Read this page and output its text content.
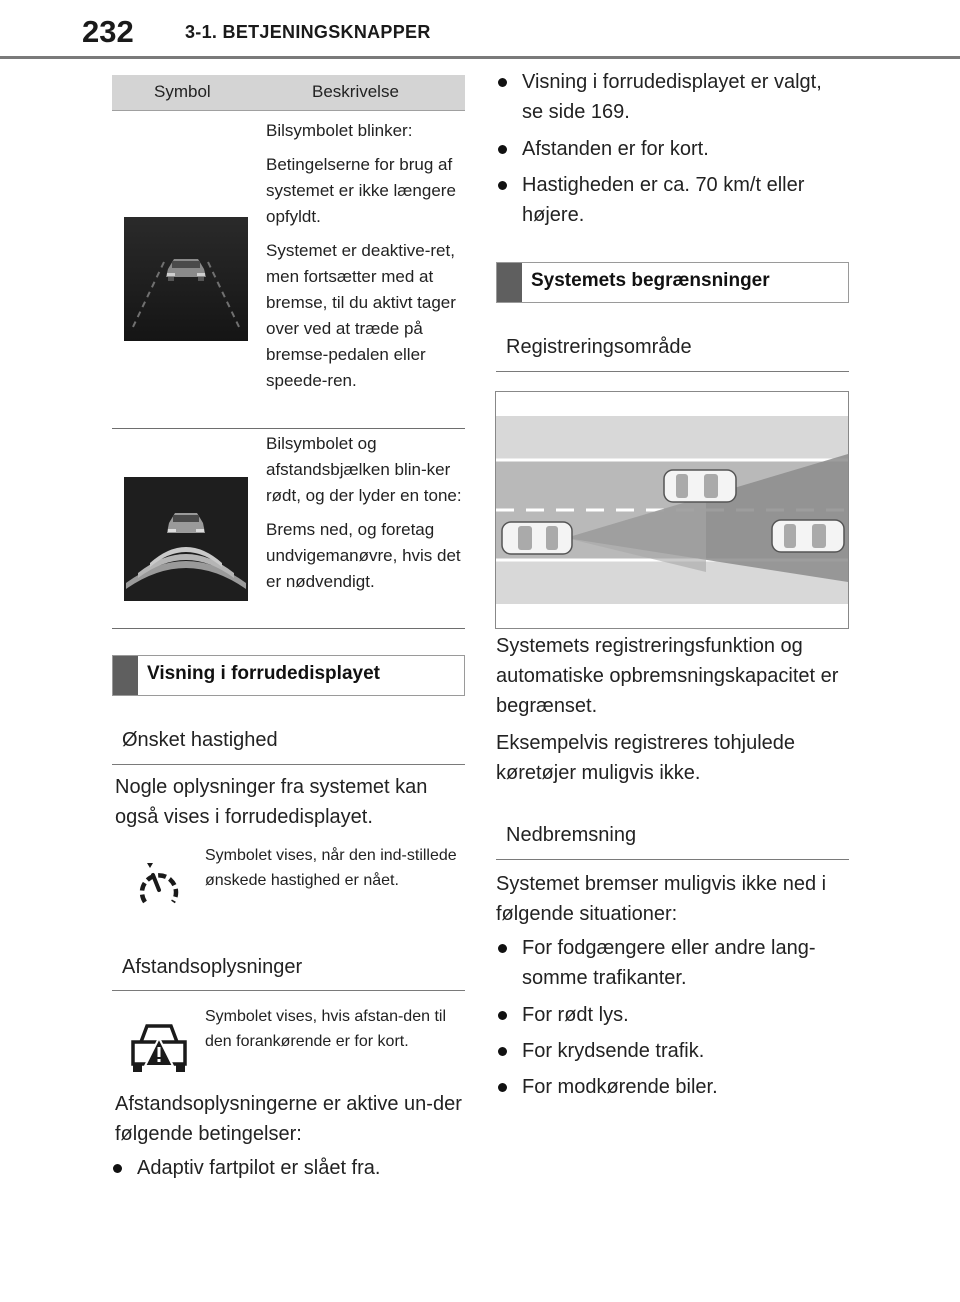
232	3-1. BETJENINGSKNAPPER
Symbol	Beskrivelse

Bilsymbolet blinker:

Betingelserne for brug af systemet er ikke længere opfyldt.

Systemet er deaktive-ret, men fortsætter med at bremse, til du aktivt tager over ved at træde på bremse-pedalen eller speede-ren.

Bilsymbolet og afstandsbjælken blin-ker rødt, og der lyder en tone:

Brems ned, og foretag undvigemanøvre, hvis det er nødvendigt.

Visning i forrudedisplayet
Ønsket hastighed
Nogle oplysninger fra systemet kan også vises i forrudedisplayet.
Symbolet vises, når den ind-stillede ønskede hastighed er nået.
Afstandsoplysninger
Symbolet vises, hvis afstan-den til den forankørende er for kort.
Afstandsoplysningerne er aktive un-der følgende betingelser:
Adaptiv fartpilot er slået fra.
Visning i forrudedisplayet er valgt, se side 169.
Afstanden er for kort.
Hastigheden er ca. 70 km/t eller højere.
Systemets begrænsninger
Registreringsområde
Systemets registreringsfunktion og automatiske opbremsningskapacitet er begrænset.
Eksempelvis registreres tohjulede køretøjer muligvis ikke.
Nedbremsning
Systemet bremser muligvis ikke ned i følgende situationer:
For fodgængere eller andre lang-somme trafikanter.
For rødt lys.
For krydsende trafik.
For modkørende biler.
